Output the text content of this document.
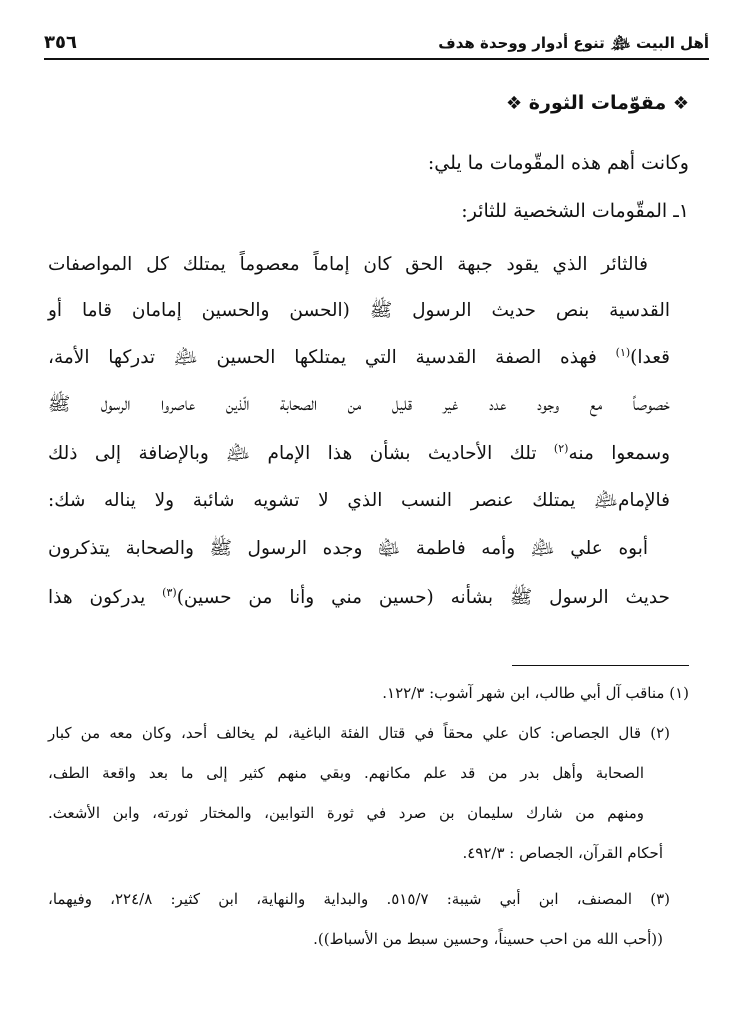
أهل البيت ﵈ تنوع أدوار ووحدة هدف
٣٥٦
❖ مقوّمات الثورة ❖
وكانت أهم هذه المقّومات ما يلي:
١ـ المقّومات الشخصية للثائر:
فالثائر الذي يقود جبهة الحق كان إماماً معصوماً يمتلك كل المواصفات
القدسية بنص حديث الرسول ﷺ (الحسن والحسين إمامان قاما أو
قعدا)$^{(١)}$ فهذه الصفة القدسية التي يمتلكها الحسين ﵇ تدركها الأمة،
خصوصاً مع وجود عدد غير قليل من الصحابة الّذين عاصروا الرسول ﷺ
وسمعوا منه$^{(٢)}$ تلك الأحاديث بشأن هذا الإمام ﵇ وبالإضافة إلى ذلك
فالإمام﵇ يمتلك عنصر النسب الذي لا تشويه شائبة ولا يناله شك:
أبوه علي ﵇ وأمه فاطمة ﵍ وجده الرسول ﷺ والصحابة يتذكرون
حديث الرسول ﷺ بشأنه (حسين مني وأنا من حسين)$^{(٣)}$ يدركون هذا
(١) مناقب آل أبي طالب، ابن شهر آشوب: ١٢٢/٣.
(٢) قال الجصاص: كان علي محقاً في قتال الفئة الباغية، لم يخالف أحد، وكان معه من كبار
الصحابة وأهل بدر من قد علم مكانهم. وبقي منهم كثير إلى ما بعد واقعة الطف،
ومنهم من شارك سليمان بن صرد في ثورة التوابين، والمختار ثورته، وابن الأشعث.
أحكام القرآن، الجصاص : ٤٩٢/٣.
(٣) المصنف، ابن أبي شيبة: ٥١٥/٧. والبداية والنهاية، ابن كثير: ٢٢٤/٨، وفيهما،
((أحب الله من احب حسيناً، وحسين سبط من الأسباط)).
